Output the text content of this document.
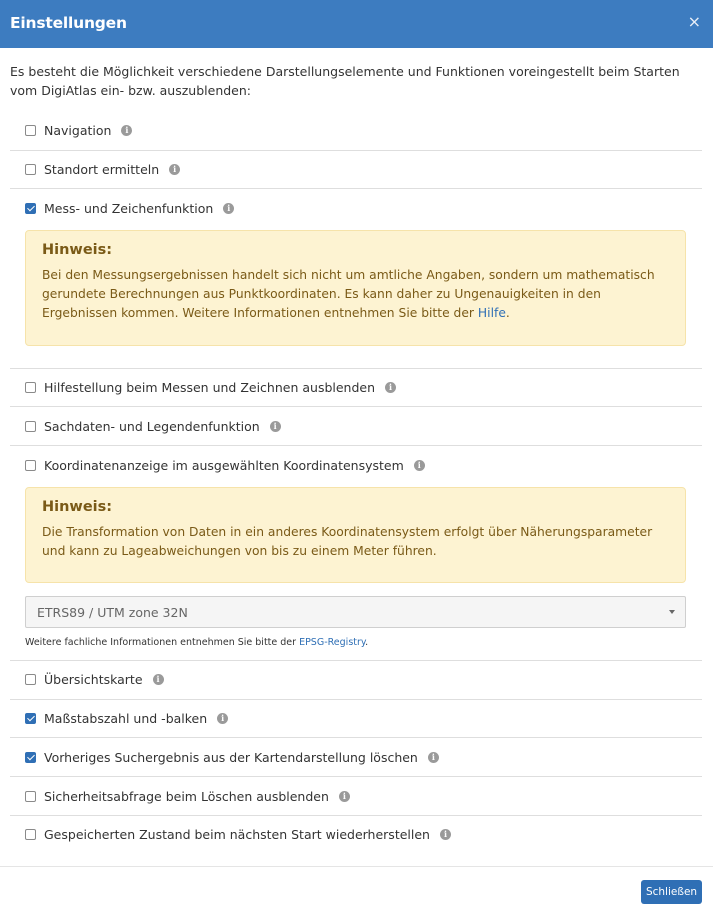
Einstellungen	×
Es besteht die Möglichkeit verschiedene Darstellungselemente und Funktionen voreingestellt beim Starten vom DigiAtlas ein- bzw. auszublenden:
Navigation	i
Standort ermitteln	i
Mess- und Zeichenfunktion	i
Hinweis:
Bei den Messungsergebnissen handelt sich nicht um amtliche Angaben, sondern um mathematisch gerundete Berechnungen aus Punktkoordinaten. Es kann daher zu Ungenauigkeiten in den Ergebnissen kommen. Weitere Informationen entnehmen Sie bitte der Hilfe.
Hilfestellung beim Messen und Zeichnen ausblenden	i
Sachdaten- und Legendenfunktion	i
Koordinatenanzeige im ausgewählten Koordinatensystem	i
Hinweis:
Die Transformation von Daten in ein anderes Koordinatensystem erfolgt über Näherungsparameter und kann zu Lageabweichungen von bis zu einem Meter führen.
ETRS89 / UTM zone 32N
Weitere fachliche Informationen entnehmen Sie bitte der EPSG-Registry.
Übersichtskarte	i
Maßstabszahl und -balken	i
Vorheriges Suchergebnis aus der Kartendarstellung löschen	i
Sicherheitsabfrage beim Löschen ausblenden	i
Gespeicherten Zustand beim nächsten Start wiederherstellen	i
Schließen
